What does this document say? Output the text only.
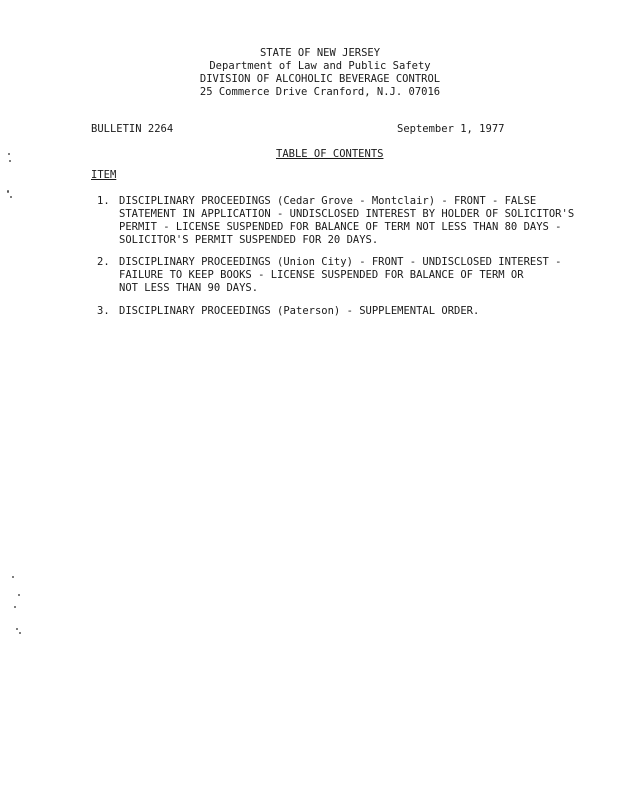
STATE OF NEW JERSEY
Department of Law and Public Safety
DIVISION OF ALCOHOLIC BEVERAGE CONTROL
25 Commerce Drive Cranford, N.J. 07016
BULLETIN 2264	September 1, 1977
TABLE OF CONTENTS
ITEM
1. DISCIPLINARY PROCEEDINGS (Cedar Grove - Montclair) - FRONT - FALSE
STATEMENT IN APPLICATION - UNDISCLOSED INTEREST BY HOLDER OF SOLICITOR'S
PERMIT - LICENSE SUSPENDED FOR BALANCE OF TERM NOT LESS THAN 80 DAYS -
SOLICITOR'S PERMIT SUSPENDED FOR 20 DAYS.
2. DISCIPLINARY PROCEEDINGS (Union City) - FRONT - UNDISCLOSED INTEREST -
FAILURE TO KEEP BOOKS - LICENSE SUSPENDED FOR BALANCE OF TERM OR
NOT LESS THAN 90 DAYS.
3. DISCIPLINARY PROCEEDINGS (Paterson) - SUPPLEMENTAL ORDER.
